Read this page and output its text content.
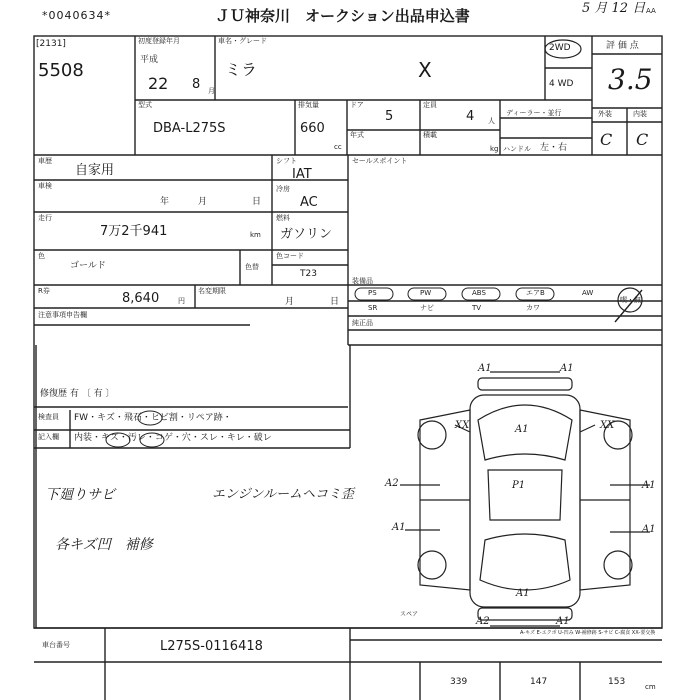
*0040634*	ＪＵ神奈川　オークション出品申込書	5 月 12 日 AA
[2131]
5508
初度登録年月
平成
22 8 月
車名・グレード
ミラ	X
2WD
4 WD
型式
DBA-L275S
排気量
660
cc
ドア
5
定員
4 人
ディーラー・並行
年式	積載
kg ハンドル 左・右
評 価 点
3.5
外装	内装
C C
車歴
自家用
車検
年	月	日
走行
7万2千941	km
色
ゴールド	色替
シフト
IAT
冷房
AC
燃料
ガソリン
色コード
T23
R券	8,640	円
名変期限
月	日
注意事項申告欄
修復歴 有 〔 有 〕
セールスポイント
装備品
PS	PW	ABS	エアB	AW
SR	ナビ	TV	カワ
喫・無
純正品
検査員
記入欄
FW・キズ・飛石・ヒビ割・リペア跡・
内装・キズ・汚レ・コゲ・穴・スレ・キレ・破レ
下廻りサビ	エンジンルームヘコミ歪
各キズ凹　補修
A1	A1
XX	A1	XX
A2	P1	A1
A1	A1
A1
A2	A1
スペア
A-キズ E-エクボ U-凹み W-補修跡 S-サビ C-腐食 XX-要交換
車台番号	L275S-0116418
339	147	153	cm
